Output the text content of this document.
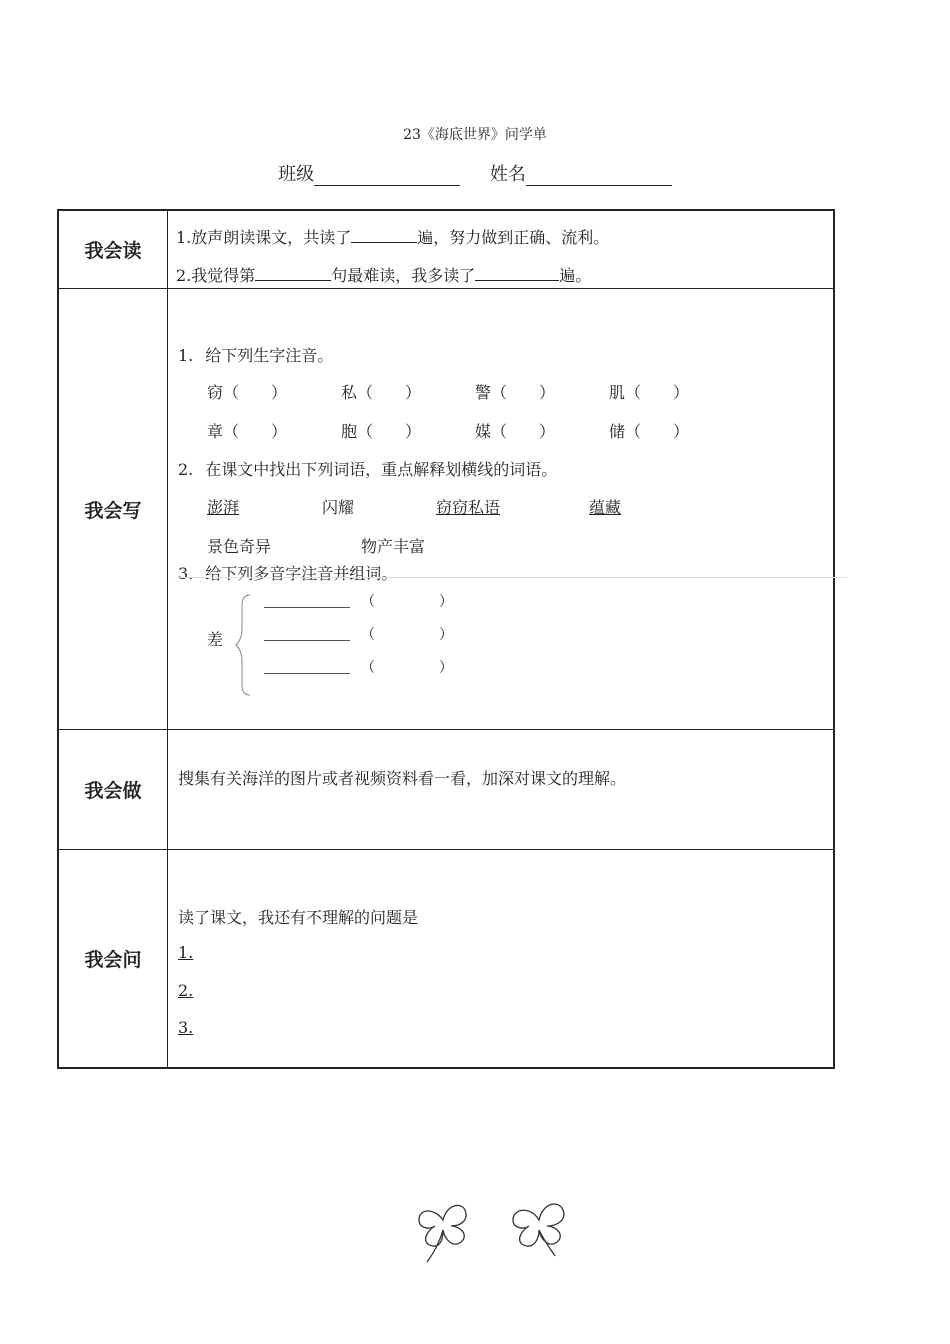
23《海底世界》问学单
班级	姓名
我会读
1.放声朗读课文，共读了	遍，努力做到正确、流利。
2.我觉得第	句最难读，我多读了	遍。
我会写
1. 给下列生字注音。
窃（　　）	私（　　）	警（　　）	肌（　　）
章（　　）	胞（　　）	媒（　　）	储（　　）
2. 在课文中找出下列词语，重点解释划横线的词语。
澎湃	闪耀	窃窃私语	蕴藏
景色奇异	物产丰富
3. 给下列多音字注音并组词。
差
（	）
（	）
（	）
我会做
搜集有关海洋的图片或者视频资料看一看，加深对课文的理解。
我会问
读了课文，我还有不理解的问题是
1.
2.
3.
